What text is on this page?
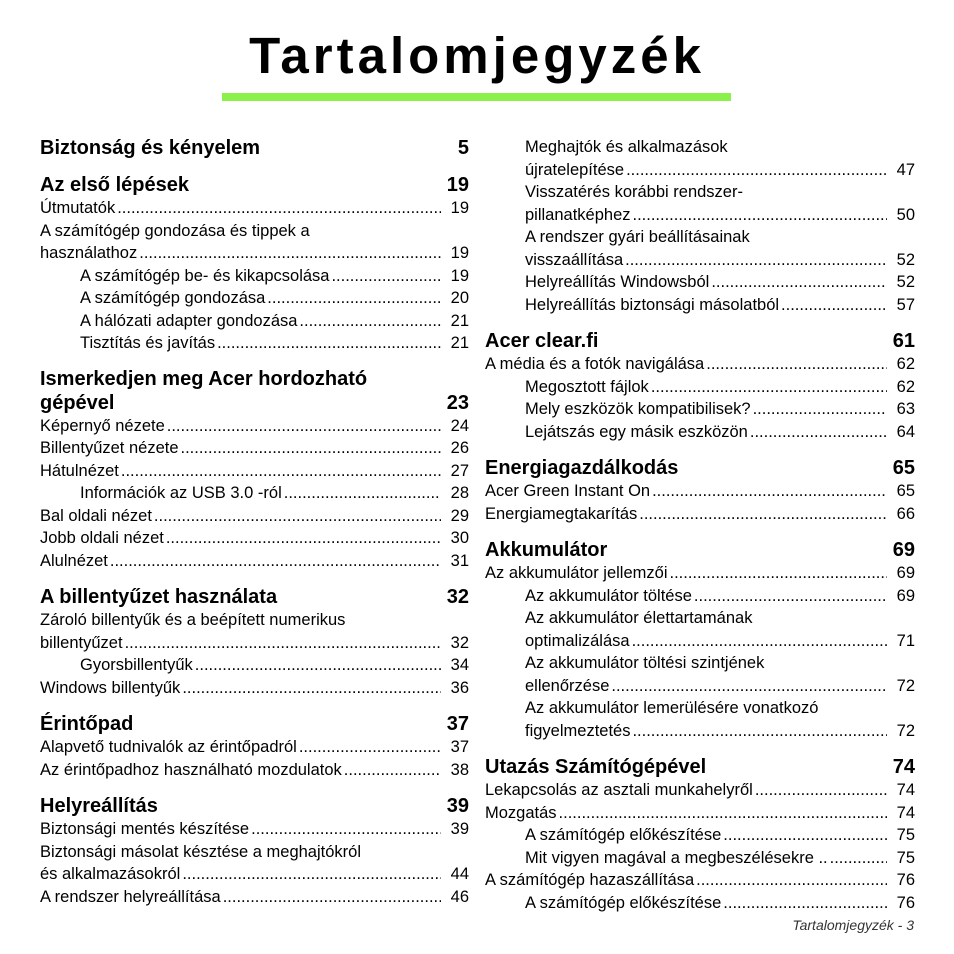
Tartalomjegyzék
Biztonság és kényelem	5
Az első lépések	19
Útmutatók .....	19
A számítógép gondozása és tippek a
használathoz .....	19
A számítógép be- és kikapcsolása .....	19
A számítógép gondozása .....	20
A hálózati adapter gondozása .....	21
Tisztítás és javítás .....	21
Ismerkedjen meg Acer hordozható
gépével	23
Képernyő nézete .....	24
Billentyűzet nézete .....	26
Hátulnézet .....	27
Információk az USB 3.0 -ról .....	28
Bal oldali nézet .....	29
Jobb oldali nézet .....	30
Alulnézet .....	31
A billentyűzet használata	32
Zároló billentyűk és a beépített numerikus
billentyűzet .....	32
Gyorsbillentyűk .....	34
Windows billentyűk .....	36
Érintőpad	37
Alapvető tudnivalók az érintőpadról .....	37
Az érintőpadhoz használható mozdulatok .....	38
Helyreállítás	39
Biztonsági mentés készítése .....	39
Biztonsági másolat késztése a meghajtókról
és alkalmazásokról .....	44
A rendszer helyreállítása .....	46
Meghajtók és alkalmazások
újratelepítése .....	47
Visszatérés korábbi rendszer-
pillanatképhez .....	50
A rendszer gyári beállításainak
visszaállítása .....	52
Helyreállítás Windowsból .....	52
Helyreállítás biztonsági másolatból .....	57
Acer clear.fi	61
A média és a fotók navigálása .....	62
Megosztott fájlok .....	62
Mely eszközök kompatibilisek? .....	63
Lejátszás egy másik eszközön .....	64
Energiagazdálkodás	65
Acer Green Instant On .....	65
Energiamegtakarítás .....	66
Akkumulátor	69
Az akkumulátor jellemzői .....	69
Az akkumulátor töltése .....	69
Az akkumulátor élettartamának
optimalizálása .....	71
Az akkumulátor töltési szintjének
ellenőrzése .....	72
Az akkumulátor lemerülésére vonatkozó
figyelmeztetés .....	72
Utazás Számítógépével	74
Lekapcsolás az asztali munkahelyről .....	74
Mozgatás .....	74
A számítógép előkészítése .....	75
Mit vigyen magával a megbeszélésekre .. .....	75
A számítógép hazaszállítása .....	76
A számítógép előkészítése .....	76
Tartalomjegyzék - 3
